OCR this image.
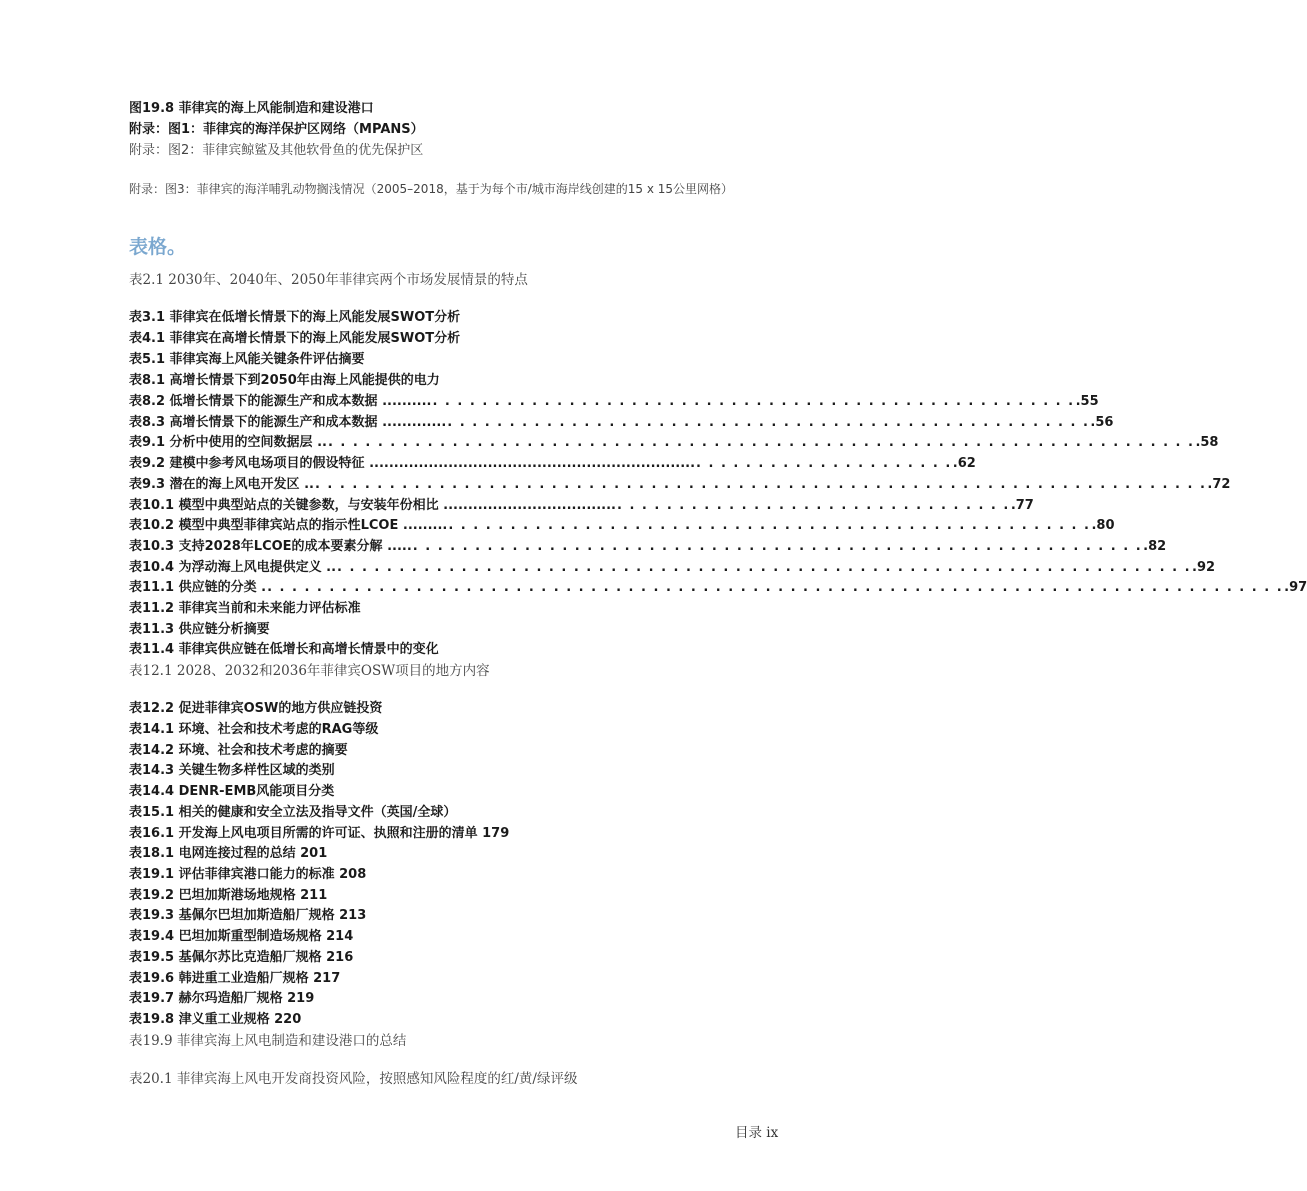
图19.8 菲律宾的海上风能制造和建设港口
附录：图1：菲律宾的海洋保护区网络（MPANS）
附录：图2：菲律宾鲸鲨及其他软骨鱼的优先保护区
附录：图3：菲律宾的海洋哺乳动物搁浅情况（2005–2018，基于为每个市/城市海岸线创建的15 x 15公里网格）
表格。
表2.1 2030年、2040年、2050年菲律宾两个市场发展情景的特点
表3.1 菲律宾在低增长情景下的海上风能发展SWOT分析
表4.1 菲律宾在高增长情景下的海上风能发展SWOT分析
表5.1 菲律宾海上风能关键条件评估摘要
表8.1 高增长情景下到2050年由海上风能提供的电力
表8.2 低增长情景下的能源生产和成本数据 .......... . . . . . . . . . . . . . . . . . . . . . . . . . . . . . . . . . . . . . . . . . . . . . . . . . . . . .55
表8.3 高增长情景下的能源生产和成本数据 ............. . . . . . . . . . . . . . . . . . . . . . . . . . . . . . . . . . . . . . . . . . . . . . . . . . . . . .56
表9.1 分析中使用的空间数据层 .. . . . . . . . . . . . . . . . . . . . . . . . . . . . . . . . . . . . . . . . . . . . . . . . . . . . . . . . . . . . . . . . . . . . . . . .58
表9.2 建模中参考风电场项目的假设特征 .................................................................. . . . . . . . . . . . . . . . . . . . . . .62
表9.3 潜在的海上风电开发区 .. . . . . . . . . . . . . . . . . . . . . . . . . . . . . . . . . . . . . . . . . . . . . . . . . . . . . . . . . . . . . . . . . . . . . . . . . .72
表10.1 模型中典型站点的关键参数，与安装年份相比 ................................... . . . . . . . . . . . . . . . . . . . . . . . . . . . . . . . . .77
表10.2 模型中典型菲律宾站点的指示性LCOE ......... . . . . . . . . . . . . . . . . . . . . . . . . . . . . . . . . . . . . . . . . . . . . . . . . . . . . .80
表10.3 支持2028年LCOE的成本要素分解 ..... . . . . . . . . . . . . . . . . . . . . . . . . . . . . . . . . . . . . . . . . . . . . . . . . . . . . . . . . . . . .82
表10.4 为浮动海上风电提供定义 .. . . . . . . . . . . . . . . . . . . . . . . . . . . . . . . . . . . . . . . . . . . . . . . . . . . . . . . . . . . . . . . . . . . . . . .92
表11.1 供应链的分类 . . . . . . . . . . . . . . . . . . . . . . . . . . . . . . . . . . . . . . . . . . . . . . . . . . . . . . . . . . . . . . . . . . . . . . . . . . . . . . . . . . . .97
表11.2 菲律宾当前和未来能力评估标准
表11.3 供应链分析摘要
表11.4 菲律宾供应链在低增长和高增长情景中的变化
表12.1 2028、2032和2036年菲律宾OSW项目的地方内容
表12.2 促进菲律宾OSW的地方供应链投资
表14.1 环境、社会和技术考虑的RAG等级
表14.2 环境、社会和技术考虑的摘要
表14.3 关键生物多样性区域的类别
表14.4 DENR-EMB风能项目分类
表15.1 相关的健康和安全立法及指导文件（英国/全球）
表16.1 开发海上风电项目所需的许可证、执照和注册的清单 179
表18.1 电网连接过程的总结 201
表19.1 评估菲律宾港口能力的标准 208
表19.2 巴坦加斯港场地规格 211
表19.3 基佩尔巴坦加斯造船厂规格 213
表19.4 巴坦加斯重型制造场规格 214
表19.5 基佩尔苏比克造船厂规格 216
表19.6 韩进重工业造船厂规格 217
表19.7 赫尔玛造船厂规格 219
表19.8 津义重工业规格 220
表19.9 菲律宾海上风电制造和建设港口的总结
表20.1 菲律宾海上风电开发商投资风险，按照感知风险程度的红/黄/绿评级
目录 ix
